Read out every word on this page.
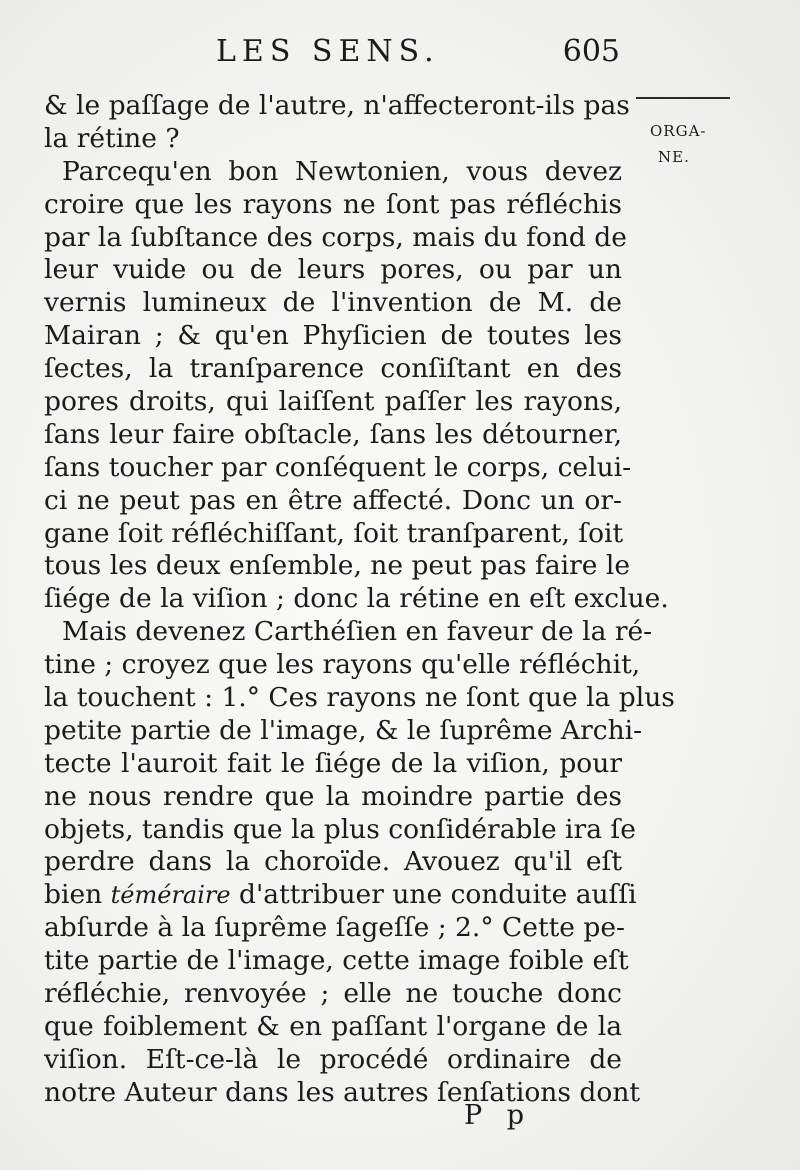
LES SENS.	605
ORGA-
NE.
& le paſſage de l'autre, n'affecteront-ils pas
la rétine ?
Parcequ'en bon Newtonien, vous devez
croire que les rayons ne ſont pas réfléchis
par la ſubſtance des corps, mais du fond de
leur vuide ou de leurs pores, ou par un
vernis lumineux de l'invention de M. de
Mairan ; & qu'en Phyſicien de toutes les
ſectes, la tranſparence conſiſtant en des
pores droits, qui laiſſent paſſer les rayons,
ſans leur faire obſtacle, ſans les détourner,
ſans toucher par conſéquent le corps, celui-
ci ne peut pas en être affecté. Donc un or-
gane ſoit réfléchiſſant, ſoit tranſparent, ſoit
tous les deux enſemble, ne peut pas faire le
ſiége de la viſion ; donc la rétine en eſt exclue.
Mais devenez Carthéſien en faveur de la ré-
tine ; croyez que les rayons qu'elle réfléchit,
la touchent : 1.° Ces rayons ne ſont que la plus
petite partie de l'image, & le ſuprême Archi-
tecte l'auroit fait le ſiége de la viſion, pour
ne nous rendre que la moindre partie des
objets, tandis que la plus conſidérable ira ſe
perdre dans la choroïde. Avouez qu'il eſt
bien téméraire d'attribuer une conduite auſſi
abſurde à la ſuprême ſageſſe ; 2.° Cette pe-
tite partie de l'image, cette image foible eſt
réfléchie, renvoyée ; elle ne touche donc
que foiblement & en paſſant l'organe de la
viſion. Eſt-ce-là le procédé ordinaire de
notre Auteur dans les autres ſenſations dont
P p
